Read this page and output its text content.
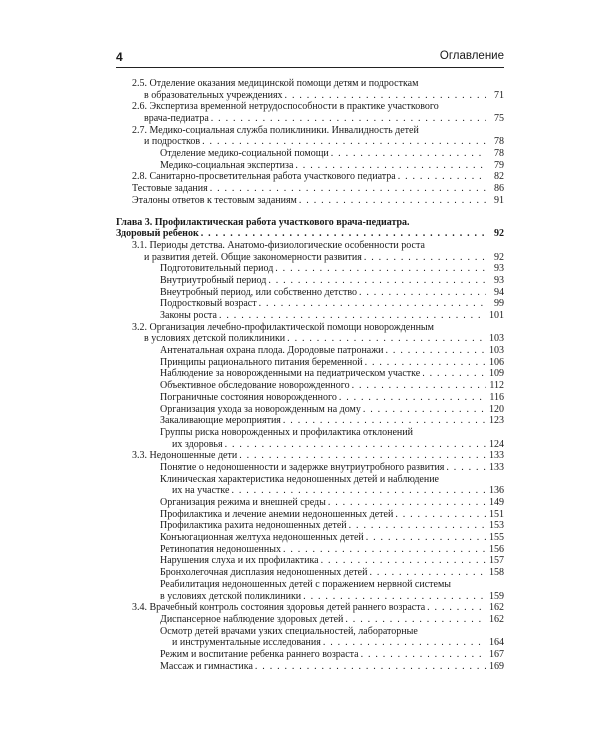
4	Оглавление
2.5. Отделение оказания медицинской помощи детям и подросткам
в образовательных учреждениях . . .	71
2.6. Экспертиза временной нетрудоспособности в практике участкового
врача-педиатра . . .	75
2.7. Медико-социальная служба поликлиники. Инвалидность детей
и подростков . . .	78
Отделение медико-социальной помощи . . .	78
Медико-социальная экспертиза . . .	79
2.8. Санитарно-просветительная работа участкового педиатра . . .	82
Тестовые задания . . .	86
Эталоны ответов к тестовым заданиям . . .	91
Глава 3. Профилактическая работа участкового врача-педиатра.
Здоровый ребенок . . .	92
3.1. Периоды детства. Анатомо-физиологические особенности роста
и развития детей. Общие закономерности развития . . .	92
Подготовительный период . . .	93
Внутриутробный период . . .	93
Внеутробный период, или собственно детство . . .	94
Подростковый возраст . . .	99
Законы роста . . .	101
3.2. Организация лечебно-профилактической помощи новорожденным
в условиях детской поликлиники . . .	103
Антенатальная охрана плода. Дородовые патронажи . . .	103
Принципы рационального питания беременной . . .	106
Наблюдение за новорожденными на педиатрическом участке . . .	109
Объективное обследование новорожденного . . .	112
Пограничные состояния новорожденного . . .	116
Организация ухода за новорожденным на дому . . .	120
Закаливающие мероприятия . . .	123
Группы риска новорожденных и профилактика отклонений
их здоровья . . .	124
3.3. Недоношенные дети . . .	133
Понятие о недоношенности и задержке внутриутробного развития . . .	133
Клиническая характеристика недоношенных детей и наблюдение
их на участке . . .	136
Организация режима и внешней среды . . .	149
Профилактика и лечение анемии недоношенных детей . . .	151
Профилактика рахита недоношенных детей . . .	153
Конъюгационная желтуха недоношенных детей . . .	155
Ретинопатия недоношенных . . .	156
Нарушения слуха и их профилактика . . .	157
Бронхолегочная дисплазия недоношенных детей . . .	158
Реабилитация недоношенных детей с поражением нервной системы
в условиях детской поликлиники . . .	159
3.4. Врачебный контроль состояния здоровья детей раннего возраста . . .	162
Диспансерное наблюдение здоровых детей . . .	162
Осмотр детей врачами узких специальностей, лабораторные
и инструментальные исследования . . .	164
Режим и воспитание ребенка раннего возраста . . .	167
Массаж и гимнастика . . .	169
